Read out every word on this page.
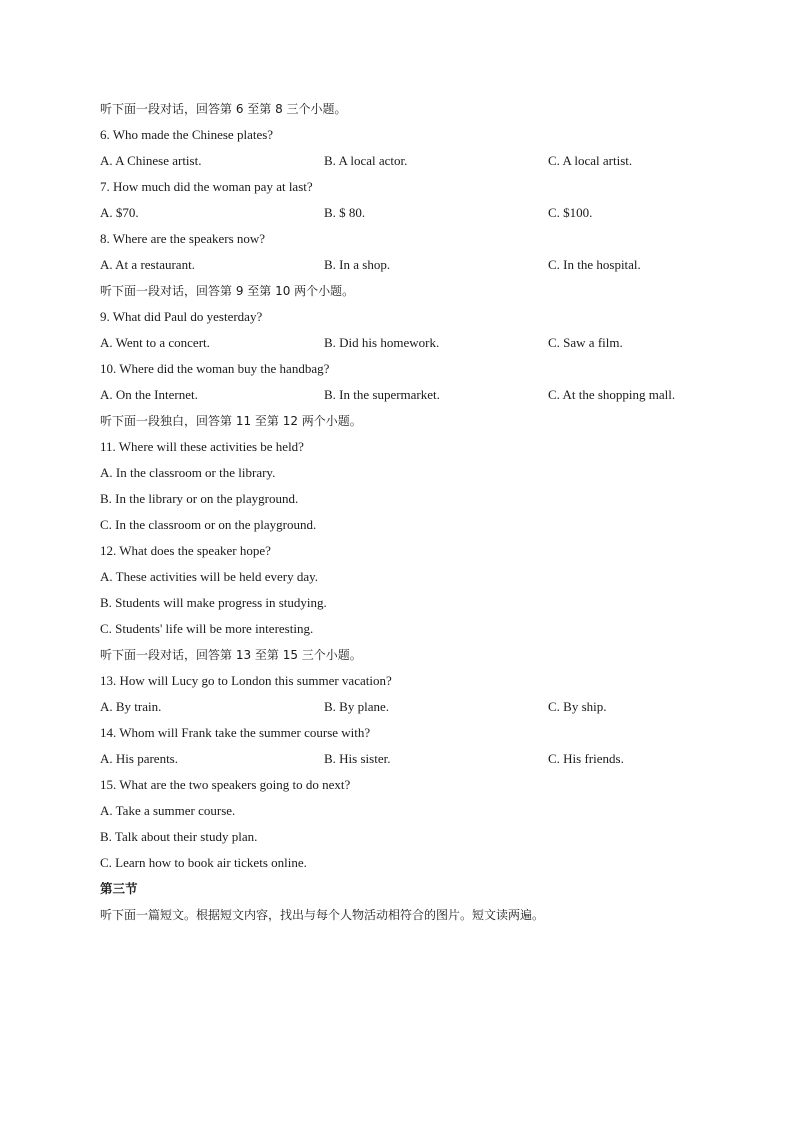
听下面一段对话，回答第 6 至第 8 三个小题。
6. Who made the Chinese plates?
A. A Chinese artist.	B. A local actor.	C. A local artist.
7. How much did the woman pay at last?
A. $70.	B. $ 80.	C. $100.
8. Where are the speakers now?
A. At a restaurant.	B. In a shop.	C. In the hospital.
听下面一段对话，回答第 9 至第 10 两个小题。
9. What did Paul do yesterday?
A. Went to a concert.	B. Did his homework.	C. Saw a film.
10. Where did the woman buy the handbag?
A. On the Internet.	B. In the supermarket.	C. At the shopping mall.
听下面一段独白，回答第 11 至第 12 两个小题。
11. Where will these activities be held?
A. In the classroom or the library.
B. In the library or on the playground.
C. In the classroom or on the playground.
12. What does the speaker hope?
A. These activities will be held every day.
B. Students will make progress in studying.
C. Students' life will be more interesting.
听下面一段对话，回答第 13 至第 15 三个小题。
13. How will Lucy go to London this summer vacation?
A. By train.	B. By plane.	C. By ship.
14. Whom will Frank take the summer course with?
A. His parents.	B. His sister.	C. His friends.
15. What are the two speakers going to do next?
A. Take a summer course.
B. Talk about their study plan.
C. Learn how to book air tickets online.
第三节
听下面一篇短文。根据短文内容，找出与每个人物活动相符合的图片。短文读两遍。
